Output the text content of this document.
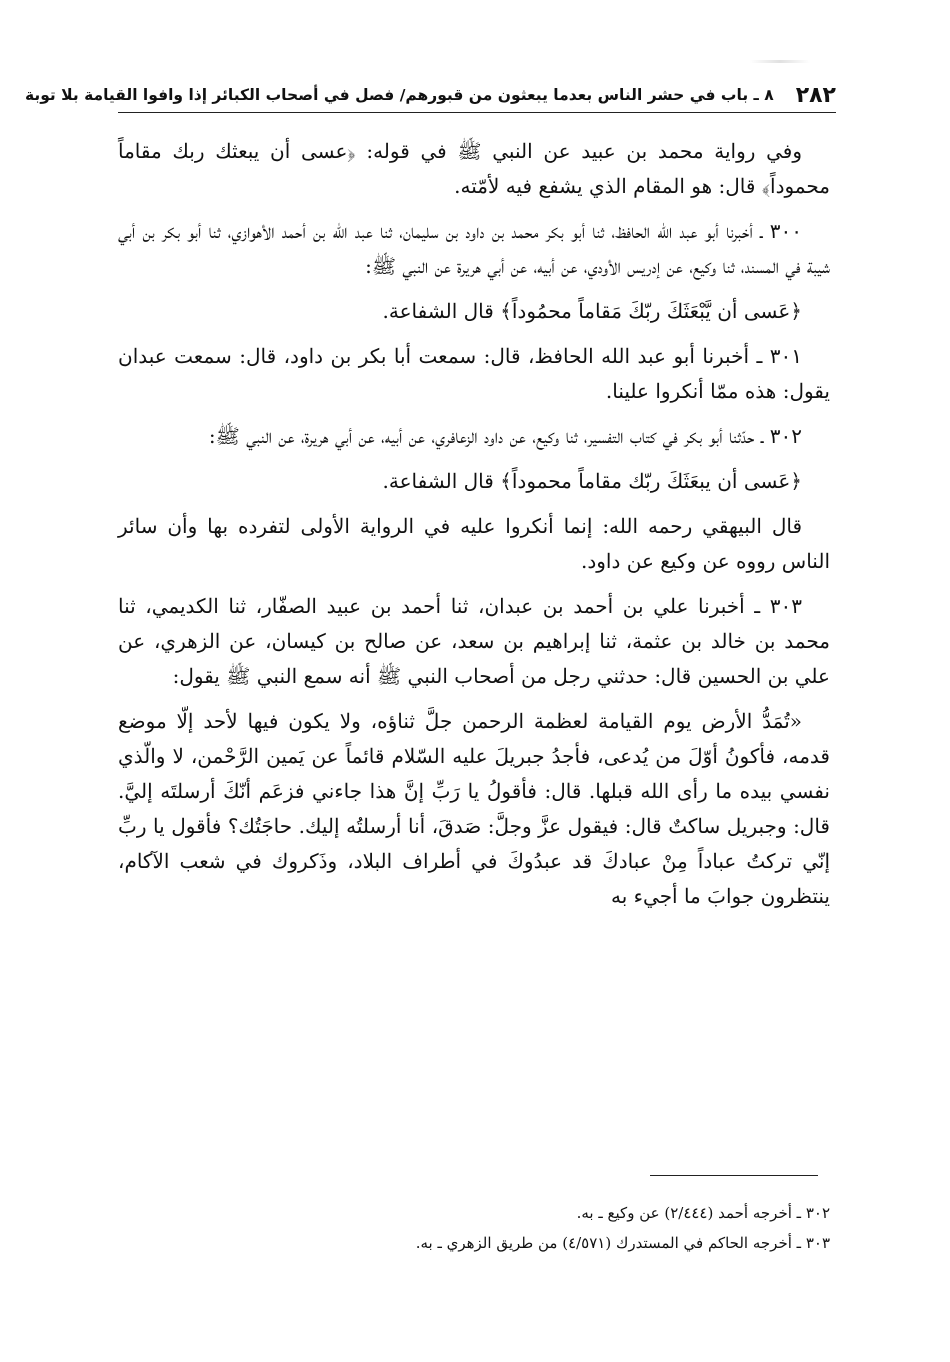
٢٨٢
٨ ـ باب في حشر الناس بعدما يبعثون من قبورهم/ فصل في أصحاب الكبائر إذا وافوا القيامة بلا توبة

وفي رواية محمد بن عبيد عن النبي ﷺ في قوله: ﴿عسى أن يبعثك ربك مقاماً محموداً﴾ قال: هو المقام الذي يشفع فيه لأمّته.

٣٠٠ ـ أخبرنا أبو عبد الله الحافظ، ثنا أبو بكر محمد بن داود بن سليمان، ثنا عبد الله بن أحمد الأهوازي، ثنا أبو بكر بن أبي شيبة في المسند، ثنا وكيع، عن إدريس الأودي، عن أبيه، عن أبي هريرة عن النبي ﷺ:

﴿عَسى أن يَّبْعَثَكَ ربّكَ مَقاماً محمُوداً﴾ قال الشفاعة.

٣٠١ ـ أخبرنا أبو عبد الله الحافظ، قال: سمعت أبا بكر بن داود، قال: سمعت عبدان يقول: هذه ممّا أنكروا علينا.

٣٠٢ ـ حدّثنا أبو بكر في كتاب التفسير، ثنا وكيع، عن داود الزعافري، عن أبيه، عن أبي هريرة، عن النبي ﷺ:

﴿عَسى أن يبعَثَكَ ربّك مقاماً محموداً﴾ قال الشفاعة.

قال البيهقي رحمه الله: إنما أنكروا عليه في الرواية الأولى لتفرده بها وأن سائر الناس رووه عن وكيع عن داود.

٣٠٣ ـ أخبرنا علي بن أحمد بن عبدان، ثنا أحمد بن عبيد الصفّار، ثنا الكديمي، ثنا محمد بن خالد بن عثمة، ثنا إبراهيم بن سعد، عن صالح بن كيسان، عن الزهري، عن علي بن الحسين قال: حدثني رجل من أصحاب النبي ﷺ أنه سمع النبي ﷺ يقول:

«تُمَدُّ الأرض يوم القيامة لعظمة الرحمن جلَّ ثناؤه، ولا يكون فيها لأحد إلّا موضع قدمه، فأكونُ أوّلَ من يُدعى، فأجدُ جبريلَ عليه السّلام قائماً عن يَمين الرَّحْمن، لا والّذي نفسي بيده ما رأى الله قبلها. قال: فأقولُ يا رَبِّ إنَّ هذا جاءني فزعَم أنّكَ أرسلتَه إليَّ. قال: وجبريل ساكتٌ قال: فيقول عزَّ وجلَّ: صَدقَ، أنا أرسلتُه إليك. حاجَتُك؟ فأقول يا ربِّ إنّي تركتُ عباداً مِنْ عبادكَ قد عبدُوكَ في أطراف البلاد، وذَكروك في شعب الآكام، ينتظرون جوابَ ما أجيء به

٣٠٢ ـ أخرجه أحمد (٢/٤٤٤) عن وكيع ـ به.

٣٠٣ ـ أخرجه الحاكم في المستدرك (٤/٥٧١) من طريق الزهري ـ به.
